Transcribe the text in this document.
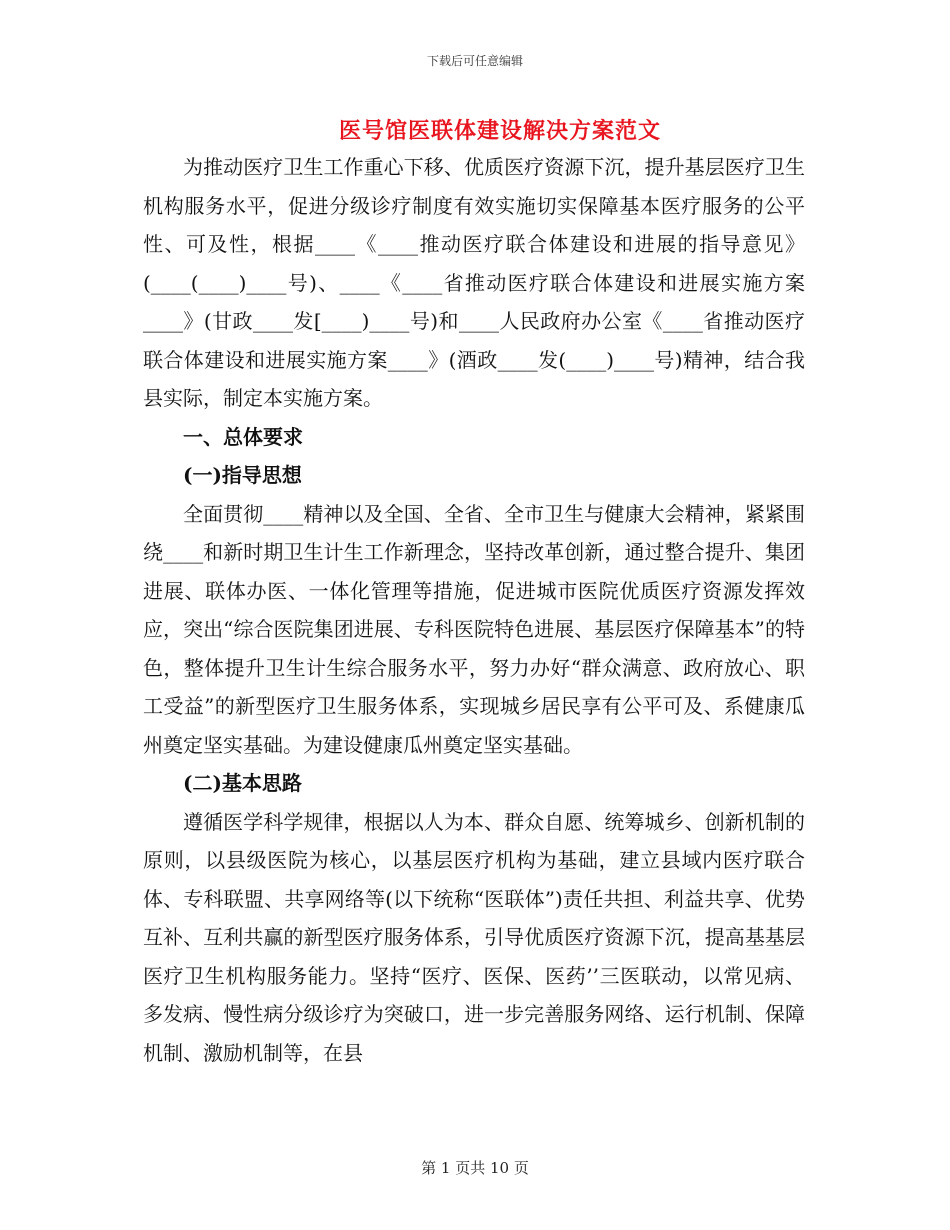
下载后可任意编辑
医号馆医联体建设解决方案范文

为推动医疗卫生工作重心下移、优质医疗资源下沉，提升基层医疗卫生机构服务水平，促进分级诊疗制度有效实施切实保障基本医疗服务的公平性、可及性，根据____《____推动医疗联合体建设和进展的指导意见》(____(____)____号)、____《____省推动医疗联合体建设和进展实施方案____》(甘政____发[____)____号)和____人民政府办公室《____省推动医疗联合体建设和进展实施方案____》(酒政____发(____)____号)精神，结合我县实际，制定本实施方案。

一、总体要求

(一)指导思想

全面贯彻____精神以及全国、全省、全市卫生与健康大会精神，紧紧围绕____和新时期卫生计生工作新理念，坚持改革创新，通过整合提升、集团进展、联体办医、一体化管理等措施，促进城市医院优质医疗资源发挥效应，突出“综合医院集团进展、专科医院特色进展、基层医疗保障基本”的特色，整体提升卫生计生综合服务水平，努力办好“群众满意、政府放心、职工受益”的新型医疗卫生服务体系，实现城乡居民享有公平可及、系健康瓜州奠定坚实基础。为建设健康瓜州奠定坚实基础。

(二)基本思路

遵循医学科学规律，根据以人为本、群众自愿、统筹城乡、创新机制的原则，以县级医院为核心，以基层医疗机构为基础，建立县域内医疗联合体、专科联盟、共享网络等(以下统称“医联体”)责任共担、利益共享、优势互补、互利共赢的新型医疗服务体系，引导优质医疗资源下沉，提高基基层医疗卫生机构服务能力。坚持“医疗、医保、医药’’三医联动，以常见病、多发病、慢性病分级诊疗为突破口，进一步完善服务网络、运行机制、保障机制、激励机制等，在县

第 1 页共 10 页
